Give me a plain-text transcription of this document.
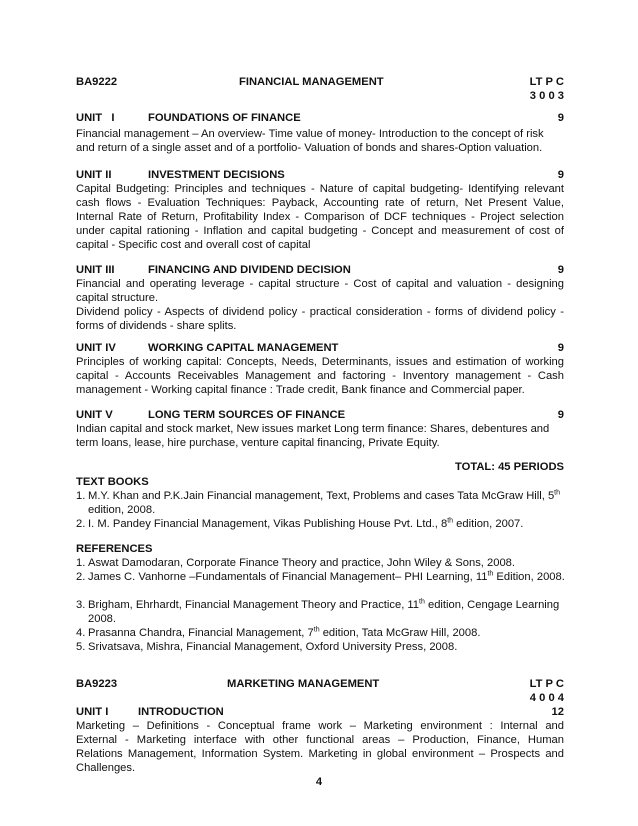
BA9222	FINANCIAL MANAGEMENT	LT P C
3 0 0 3
UNIT   I	FOUNDATIONS OF FINANCE	9
Financial management – An overview- Time value of money- Introduction to the concept of risk
and return of a single asset and of a portfolio- Valuation of bonds and shares-Option valuation.
UNIT II	INVESTMENT DECISIONS	9
Capital Budgeting: Principles and techniques - Nature of capital budgeting- Identifying relevant
cash flows - Evaluation Techniques: Payback, Accounting rate of return, Net Present Value,
Internal Rate of Return, Profitability Index - Comparison of DCF techniques - Project selection
under capital rationing - Inflation and capital budgeting - Concept and measurement of cost of
capital - Specific cost and overall cost of capital
UNIT III	FINANCING AND DIVIDEND DECISION	9
Financial and operating leverage - capital structure - Cost of capital and valuation - designing
capital structure.
Dividend policy - Aspects of dividend policy - practical consideration - forms of dividend policy -
forms of dividends - share splits.
UNIT IV	WORKING CAPITAL MANAGEMENT	9
Principles of working capital: Concepts, Needs, Determinants, issues and estimation of working
capital - Accounts Receivables Management and factoring - Inventory management - Cash
management - Working capital finance : Trade credit, Bank finance and Commercial paper.
UNIT V	LONG TERM SOURCES OF FINANCE	9
Indian capital and stock market, New issues market Long term finance: Shares, debentures and
term loans, lease, hire purchase, venture capital financing, Private Equity.
TOTAL: 45 PERIODS
TEXT BOOKS
1. M.Y. Khan and P.K.Jain Financial management, Text, Problems and cases Tata McGraw Hill, 5th edition, 2008.
2. I. M. Pandey Financial Management, Vikas Publishing House Pvt. Ltd., 8th edition, 2007.
REFERENCES
1. Aswat Damodaran, Corporate Finance Theory and practice, John Wiley & Sons, 2008.
2. James C. Vanhorne –Fundamentals of Financial Management– PHI Learning, 11th Edition, 2008.
3. Brigham, Ehrhardt, Financial Management Theory and Practice, 11th edition, Cengage Learning 2008.
4. Prasanna Chandra, Financial Management, 7th edition, Tata McGraw Hill, 2008.
5. Srivatsava, Mishra, Financial Management, Oxford University Press, 2008.
BA9223	MARKETING MANAGEMENT	LT P C
4 0 0 4
UNIT I	INTRODUCTION	12
Marketing – Definitions - Conceptual frame work – Marketing environment : Internal and
External - Marketing interface with other functional areas – Production, Finance, Human
Relations Management, Information System. Marketing in global environment – Prospects and
Challenges.
4
